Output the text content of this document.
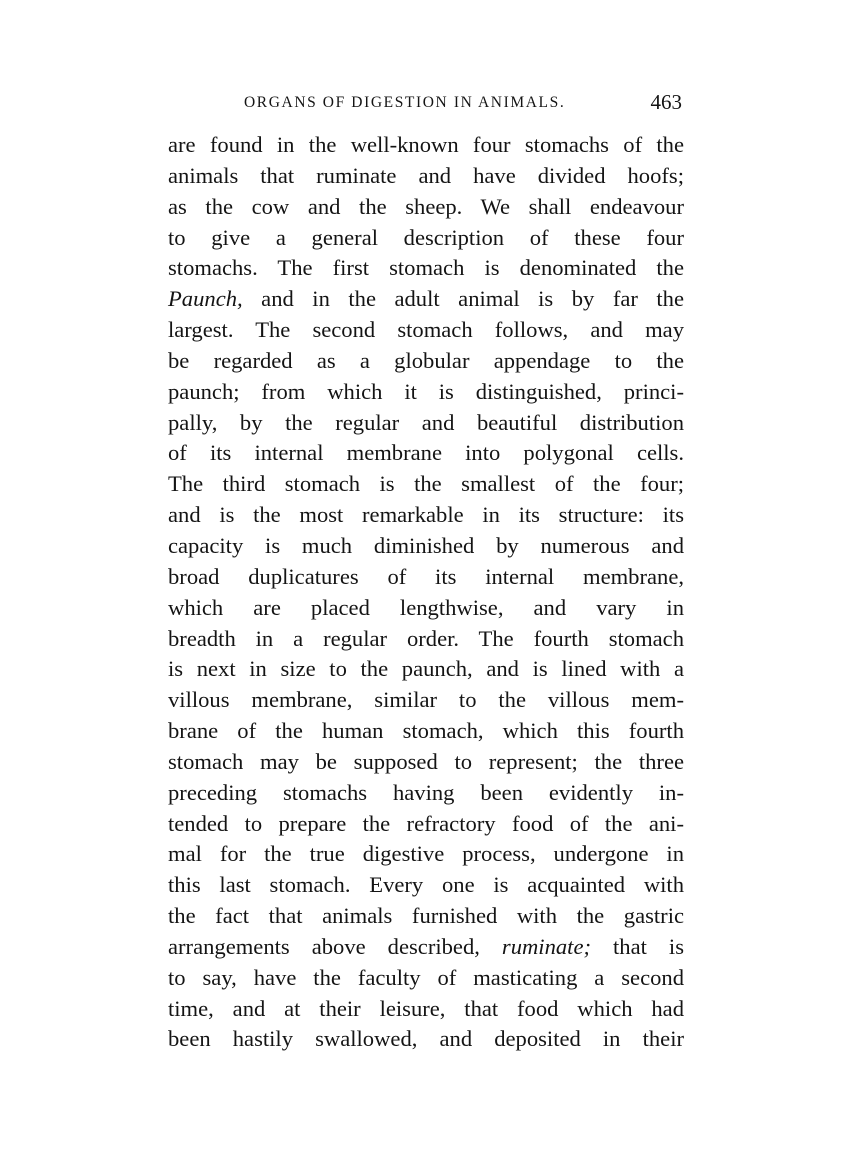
ORGANS OF DIGESTION IN ANIMALS.	463
are found in the well-known four stomachs of the
animals that ruminate and have divided hoofs;
as the cow and the sheep. We shall endeavour
to give a general description of these four
stomachs. The first stomach is denominated the
Paunch, and in the adult animal is by far the
largest. The second stomach follows, and may
be regarded as a globular appendage to the
paunch; from which it is distinguished, princi-
pally, by the regular and beautiful distribution
of its internal membrane into polygonal cells.
The third stomach is the smallest of the four;
and is the most remarkable in its structure: its
capacity is much diminished by numerous and
broad duplicatures of its internal membrane,
which are placed lengthwise, and vary in
breadth in a regular order. The fourth stomach
is next in size to the paunch, and is lined with a
villous membrane, similar to the villous mem-
brane of the human stomach, which this fourth
stomach may be supposed to represent; the three
preceding stomachs having been evidently in-
tended to prepare the refractory food of the ani-
mal for the true digestive process, undergone in
this last stomach. Every one is acquainted with
the fact that animals furnished with the gastric
arrangements above described, ruminate; that is
to say, have the faculty of masticating a second
time, and at their leisure, that food which had
been hastily swallowed, and deposited in their
